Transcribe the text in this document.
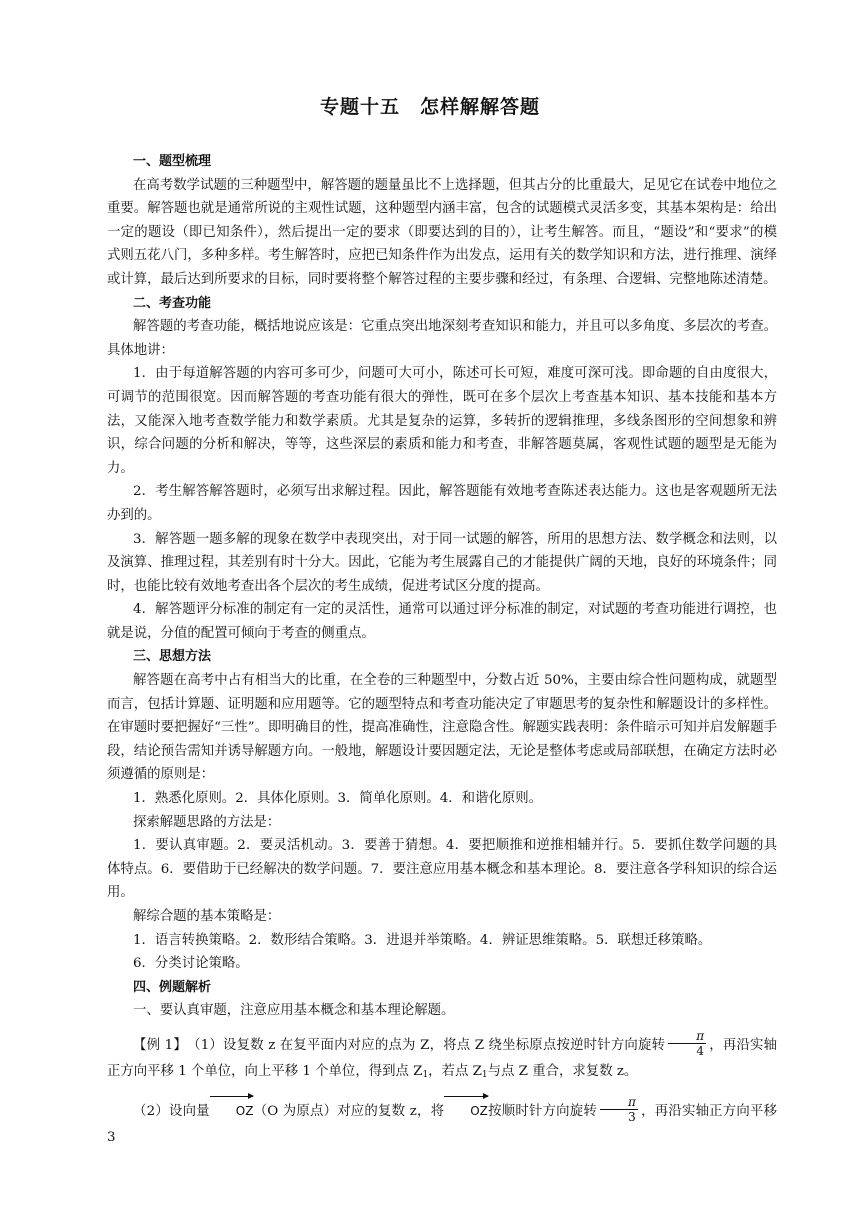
专题十五　怎样解解答题

一、题型梳理

在高考数学试题的三种题型中，解答题的题量虽比不上选择题，但其占分的比重最大，足见它在试卷中地位之重要。解答题也就是通常所说的主观性试题，这种题型内涵丰富，包含的试题模式灵活多变，其基本架构是：给出一定的题设（即已知条件），然后提出一定的要求（即要达到的目的），让考生解答。而且，“题设”和“要求”的模式则五花八门，多种多样。考生解答时，应把已知条件作为出发点，运用有关的数学知识和方法，进行推理、演绎或计算，最后达到所要求的目标，同时要将整个解答过程的主要步骤和经过，有条理、合逻辑、完整地陈述清楚。

二、考查功能

解答题的考查功能，概括地说应该是：它重点突出地深刻考查知识和能力，并且可以多角度、多层次的考查。具体地讲：

1．由于每道解答题的内容可多可少，问题可大可小，陈述可长可短，难度可深可浅。即命题的自由度很大，可调节的范围很宽。因而解答题的考查功能有很大的弹性，既可在多个层次上考查基本知识、基本技能和基本方法，又能深入地考查数学能力和数学素质。尤其是复杂的运算，多转折的逻辑推理，多线条图形的空间想象和辨识，综合问题的分析和解决，等等，这些深层的素质和能力和考查，非解答题莫属，客观性试题的题型是无能为力。

2．考生解答解答题时，必须写出求解过程。因此，解答题能有效地考查陈述表达能力。这也是客观题所无法办到的。

3．解答题一题多解的现象在数学中表现突出，对于同一试题的解答，所用的思想方法、数学概念和法则，以及演算、推理过程，其差别有时十分大。因此，它能为考生展露自己的才能提供广阔的天地，良好的环境条件；同时，也能比较有效地考查出各个层次的考生成绩，促进考试区分度的提高。

4．解答题评分标准的制定有一定的灵活性，通常可以通过评分标准的制定，对试题的考查功能进行调控，也就是说，分值的配置可倾向于考查的侧重点。

三、思想方法

解答题在高考中占有相当大的比重，在全卷的三种题型中，分数占近 50%，主要由综合性问题构成，就题型而言，包括计算题、证明题和应用题等。它的题型特点和考查功能决定了审题思考的复杂性和解题设计的多样性。在审题时要把握好“三性”。即明确目的性，提高准确性，注意隐含性。解题实践表明：条件暗示可知并启发解题手段，结论预告需知并诱导解题方向。一般地，解题设计要因题定法，无论是整体考虑或局部联想，在确定方法时必须遵循的原则是：

1．熟悉化原则。2．具体化原则。3．简单化原则。4．和谐化原则。

探索解题思路的方法是：

1．要认真审题。2．要灵活机动。3．要善于猜想。4．要把顺推和逆推相辅并行。5．要抓住数学问题的具体特点。6．要借助于已经解决的数学问题。7．要注意应用基本概念和基本理论。8．要注意各学科知识的综合运用。

解综合题的基本策略是：

1．语言转换策略。2．数形结合策略。3．进退并举策略。4．辨证思维策略。5．联想迁移策略。

6．分类讨论策略。

四、例题解析

一、要认真审题，注意应用基本概念和基本理论解题。

【例 1】　 （1）设复数 z 在复平面内对应的点为 Z，将点 Z 绕坐标原点按逆时针方向旋转 $\frac{\pi}{4}$ ，再沿实轴正方向平移 1 个单位，向上平移 1 个单位，得到点 $Z_1$，若点 $Z_1$与点 Z 重合，求复数 z。

（2）设向量 OZ（O 为原点）对应的复数 z，将 OZ按顺时针方向旋转 $\frac{\pi}{3}$ ，再沿实轴正方向平移 3
